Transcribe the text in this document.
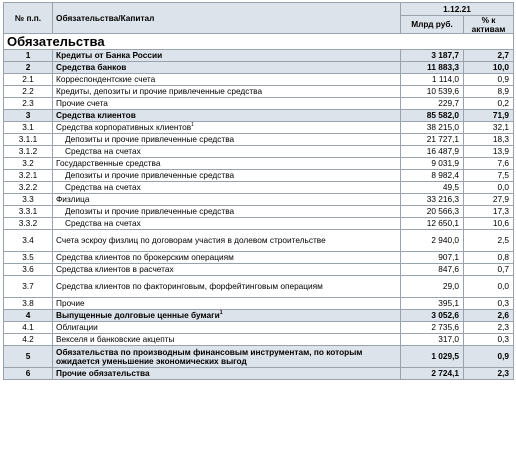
№ п.п.	Обязательства/Капитал	1.12.21	
		Млрд руб.	% к активам
Обязательства			
1	Кредиты от Банка России	3 187,7	2,7
2	Средства банков	11 883,3	10,0
2.1	Корреспондентские счета	1 114,0	0,9
2.2	Кредиты, депозиты и прочие привлеченные средства	10 539,6	8,9
2.3	Прочие счета	229,7	0,2
3	Средства клиентов	85 582,0	71,9
3.1	Средства корпоративных клиентов$^1$	38 215,0	32,1
3.1.1	Депозиты и прочие привлеченные средства	21 727,1	18,3
3.1.2	Средства на счетах	16 487,9	13,9
3.2	Государственные средства	9 031,9	7,6
3.2.1	Депозиты и прочие привлеченные средства	8 982,4	7,5
3.2.2	Средства на счетах	49,5	0,0
3.3	Физлица	33 216,3	27,9
3.3.1	Депозиты и прочие привлеченные средства	20 566,3	17,3
3.3.2	Средства на счетах	12 650,1	10,6
3.4	Счета эскроу физлиц по договорам участия в долевом строительстве	2 940,0	2,5
3.5	Средства клиентов по брокерским операциям	907,1	0,8
3.6	Средства клиентов в расчетах	847,6	0,7
3.7	Средства клиентов по факторинговым, форфейтинговым операциям	29,0	0,0
3.8	Прочие	395,1	0,3
4	Выпущенные долговые ценные бумаги$^1$	3 052,6	2,6
4.1	Облигации	2 735,6	2,3
4.2	Векселя и банковские акцепты	317,0	0,3
5	Обязательства по производным финансовым инструментам, по которым ожидается уменьшение экономических выгод	1 029,5	0,9
6	Прочие обязательства	2 724,1	2,3
